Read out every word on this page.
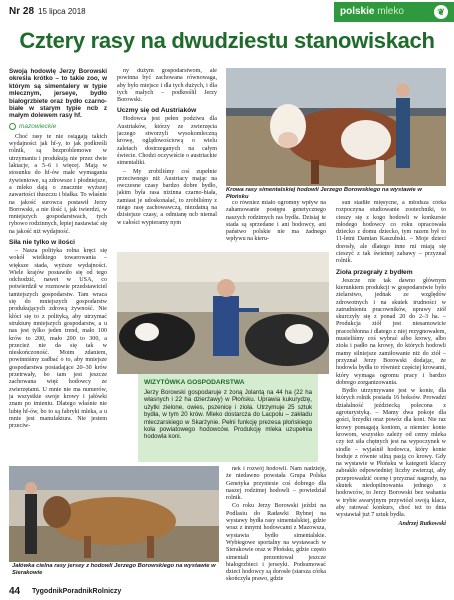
Nr 28 15 lipca 2018	polskie mleko	❦
Cztery rasy na dwudziestu stanowiskach

Swoją hodowlę Jerzy Borowski określa krótko – to takie zoo, w którym są simentalery w typie mlecznym, jerseye, bydło białogrzbiete oraz bydło czarno-białe w starym typie ncb z małym dolewem rasy hf.

mazowieckie

Choć rasy te nie osiągają takich wydajności jak hf-y, to jak podkreśli rolnik, są bezproblemowe w utrzymaniu i produkują nie przez dwie laktacje, a 5–6 i więcej. Mają w stosunku do hf-ów małe wymagania żywieniowe, są zdrowsze i płodniejsze, a mleko dają o znacznie wyższej zawartości tłuszczu i białka. To właśnie na jakość surowca postawił Jerzy Borowski, a nie ilość i, jak twierdzi, w mniejszych gospodarstwach, tych rybowo rodzinnych, lepiej nastawiać się na jakość niż wydajność.

Siła nie tylko w ilości

– Nasza polityka rolna kręci się wokół wielkiego towarowania – większe stada, wyższe wydajności. Wiele krajów postawiło się od tego odchodzić, nawet w USA, co potwierdził w rozmowie przedstawiciel tamtejszych gospodarstw. Tam wraca się do mniejszych gospodarstw produkujących zdrową żywność. Nie kłóci się to z polityką, aby utrzymać strukturę mniejszych gospodarstw, a u nas jest tylko jeden trend, mało 100 krów to 200, mało 200 to 300, a przecież nie da się tak w nieskończoność. Moim zdaniem, powinniśmy zadbać o to, aby mniejsze gospodarstwa posiadające 20–30 krów przetrwały, bo tam jest jeszcze zachowana więź hodowcy ze zwierzętami. U mnie nie ma numerów, ja wszystkie swoje krowy i jałówki znam po imieniu. Dlatego właśnie nie lubię hf-ów, bo to są fabryki mleka, a u mnie jest manufaktura. Nie jestem przeciw-

ny dużym gospodarstwom, ale powinna być zachowana równowaga, aby było miejsce i dla tych dużych, i dla tych małych – podkreślił Jerzy Borowski.

Uczmy się od Austriaków

Hodowca jest pełen podziwu dla Austriaków, którzy ze zwierzęcia jaczego stworzyli wysokomleczną krowę, oglądowościową o wielu zaletach dostrzeganych na całym świecie. Chodzi oczywiście o austriackie simentaliki.

– My zrobiliśmy coś zupełnie przeciwnego niż Austriacy mając na owczesne czasy bardzo dobre bydło, jakim była rasa nizinna czarno-biała, zamiast je udoskonalać, to zrobiliśmy z niego rasę zachowawczą, niezdatną na dzisiejsze czasy, a odmianę ncb niemal w całości wypieramy nym

co równiez miało ogromny wpływ na zahamowanie postępu genetycznego naszych rodzimych ras bydła. Dzisiaj te stada są sprzedane i ani hodowcy, ani państwo polskie nie ma żadnego wpływu na kieru-

Krowa rasy simentalskiej hodowli Jerzego Borowskiego na wystawie w Płońsku

sun stadiłe mięsycne, a młodsza córka rozpoczyna studiowanie zootechniki, to cieszy się z kogo hodowli w konkursie młodego hodowcy co roku opracowała dziecko z domu dziecko, tym razem był to 11-letni Damian Kaszubski. – Moje dzieci dorosły, ale dlatego inne mi miają się cieszyć z tak świetnej zabawy – przyznał rolnik.

Zioła przegrały z bydłem

Jeszcze nie tak dawno głównym kierunkiem produkcji w gospodarstwie było zielarstwo, jednak ze względów zdrowotnych i na skutek trudności w zatrudnieniu pracowników, uprawy ziół skurczyły się z ponad 20 do 2–3 ha. – Produkcja ziół jest niesamowicie pracochłonna i dlatego z niej rezygnowałem, musieliśmy coś wybrać albo krowy, albo zioła i padło na krowy, do których hodowli mamy silniejsze zamiłowanie niż do ziół – przyznał Jerzy Borowski dodając, że hodowla bydła to również częściej krowami, który wymaga ogromu pracy i bardzo dobrego zorganizowania.

Bydło utrzymywane jest w konie, dla których rolnik posiada 16 boksów. Prowadzi działalność jeździecką polecona z agroturystyką. – Mamy dwa pokoje dla gości, brzydki oraz powóz dla koni. Nie raz krowy pomagają koniom, a niemiec konie krowom, wszystko zależy od cemy mleka czy też siła chętnych jest na wypoczynek w siodle – wyjaśnił hodowca, który konie hoduje z równie silną pasją co krowy. Gdy na wystawie w Płońsku w kategorii klaczy zabrakło odpowiedniej liczby zwierząt, aby przeprowadzić ocenę i przyznać nagrody, na skutek niedopilnowania jednego z hodowców, to Jerzy Borowski bez wahania w trybie awaryjnym przywiózł swoją klacz, aby ratować konkurs, choć też to dnia wystawiał już 7 sztuk bydła.

Andrzej Rutkowski

WIZYTÓWKA GOSPODARSTWA
Jerzy Borowski gospodaruje z żoną Jolantą na 44 ha (22 ha własnych i 22 ha dzierżawy) w Płońsku. Uprawia kukurydzę, użytki zielone, owies, pszenicę i zioła. Utrzymuje 25 sztuk bydła, w tym 20 krów. Mleko dostarcza do Lacpolu – zakładu mleczarskiego w Skarżynie. Pełni funkcję prezesa płońskiego koła powiatowego hodowców. Produkcję mleka uzupełnia hodowla koni.

nek i rozwój hodowli. Nam nadzieję, że niedawno powstała Grupa Polska Genetyka przyniesie coś dobrego dla naszej rodzimej hodowli – powiedział rolnik.

Co roku Jerzy Borowski jeździ na Podlasiu do Radawki Rybnej na wystawy bydła rasy simentalskiej, gdzie wraz z innymi hodowcami z Mazowsza, wystawia bydło simentalskie. Wybiegowe sportalny na wystawach w Sierakowie oraz w Płońsku, gdzie często simentali prezentował jeszcze białogrzbieci i jerseyki. Podsumować dzieci hodowcy są dorosłe (starsza córka skończyła prawo, gdzie

Jałówka cielna rasy jersey z hodowli Jerzego Borowskiego na wystawie w Sierakowie
44 TygodnikPoradnikRolniczy
